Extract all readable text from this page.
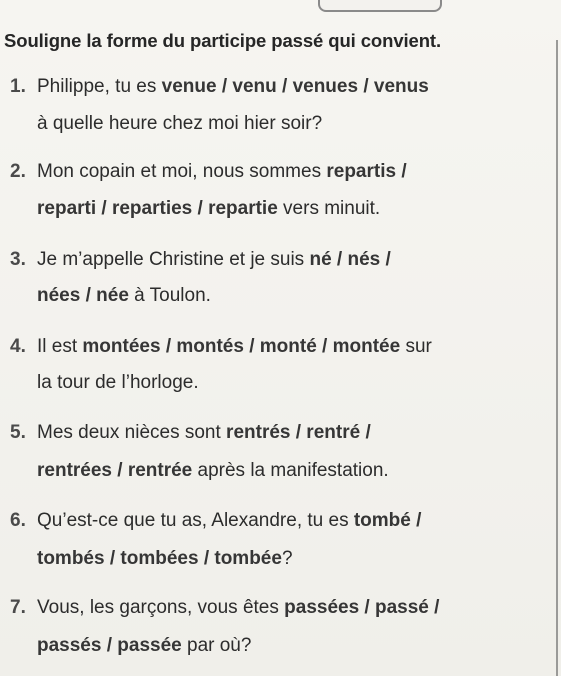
Souligne la forme du participe passé qui convient.
1. Philippe, tu es venue / venu / venues / venus
à quelle heure chez moi hier soir?
2. Mon copain et moi, nous sommes repartis /
reparti / reparties / repartie vers minuit.
3. Je m’appelle Christine et je suis né / nés /
nées / née à Toulon.
4. Il est montées / montés / monté / montée sur
la tour de l’horloge.
5. Mes deux nièces sont rentrés / rentré /
rentrées / rentrée après la manifestation.
6. Qu’est-ce que tu as, Alexandre, tu es tombé /
tombés / tombées / tombée?
7. Vous, les garçons, vous êtes passées / passé /
passés / passée par où?
